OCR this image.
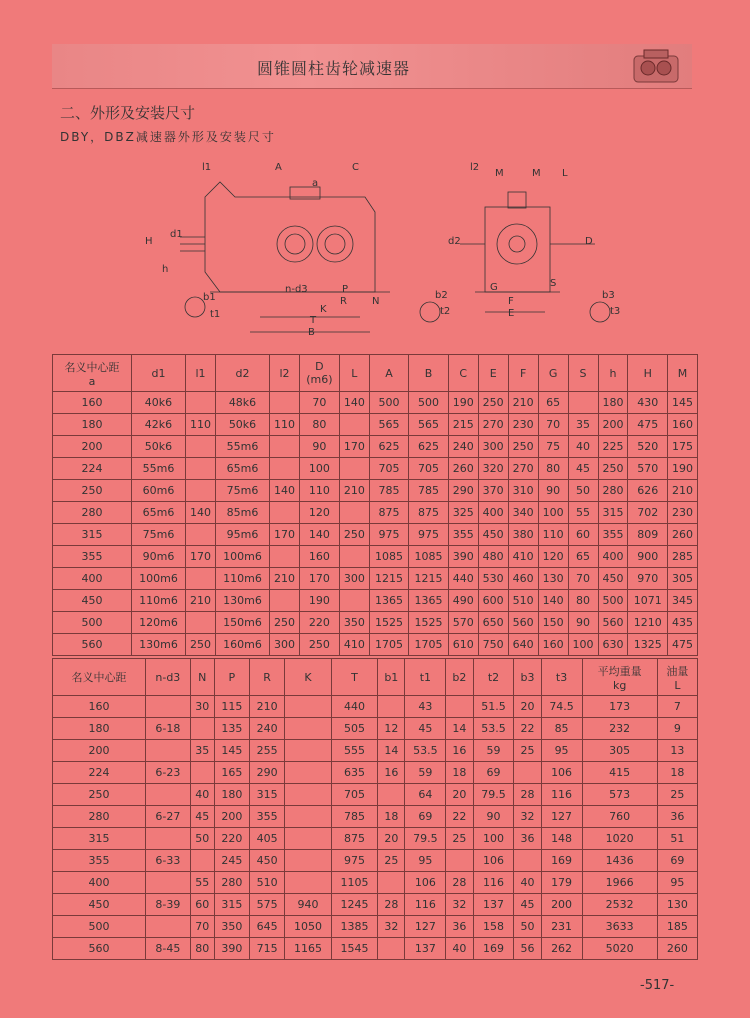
圆锥圆柱齿轮减速器
二、外形及安装尺寸
DBY，DBZ减速器外形及安装尺寸
l1	A
a
C
H
d1
h
n-d3	P
R	N
K
T
B
b1
t1
l2
M	M L
d2	D
G	S
F
E
b2
t2
b3
t3
名义中心距
a	d1	l1	d2	l2	D
(m6)	L	A	B	C	E	F	G	S	h	H	M
160	40k6		48k6		70	140	500	500	190	250	210	65		180	430	145
180	42k6	110	50k6	110	80		565	565	215	270	230	70	35	200	475	160
200	50k6		55m6		90	170	625	625	240	300	250	75	40	225	520	175
224	55m6		65m6		100		705	705	260	320	270	80	45	250	570	190
250	60m6		75m6	140	110	210	785	785	290	370	310	90	50	280	626	210
280	65m6	140	85m6		120		875	875	325	400	340	100	55	315	702	230
315	75m6		95m6	170	140	250	975	975	355	450	380	110	60	355	809	260
355	90m6	170	100m6		160		1085	1085	390	480	410	120	65	400	900	285
400	100m6		110m6	210	170	300	1215	1215	440	530	460	130	70	450	970	305
450	110m6	210	130m6		190		1365	1365	490	600	510	140	80	500	1071	345
500	120m6		150m6	250	220	350	1525	1525	570	650	560	150	90	560	1210	435
560	130m6	250	160m6	300	250	410	1705	1705	610	750	640	160	100	630	1325	475
名义中心距	n-d3	N	P	R	K	T	b1	t1	b2	t2	b3	t3	平均重量
kg	油量
L
160		30	115	210		440		43		51.5	20	74.5	173	7
180	6-18		135	240		505	12	45	14	53.5	22	85	232	9
200		35	145	255		555	14	53.5	16	59	25	95	305	13
224	6-23		165	290		635	16	59	18	69		106	415	18
250		40	180	315		705		64	20	79.5	28	116	573	25
280	6-27	45	200	355		785	18	69	22	90	32	127	760	36
315		50	220	405		875	20	79.5	25	100	36	148	1020	51
355	6-33		245	450		975	25	95		106		169	1436	69
400		55	280	510		1105		106	28	116	40	179	1966	95
450	8-39	60	315	575	940	1245	28	116	32	137	45	200	2532	130
500		70	350	645	1050	1385	32	127	36	158	50	231	3633	185
560	8-45	80	390	715	1165	1545		137	40	169	56	262	5020	260
-517-
